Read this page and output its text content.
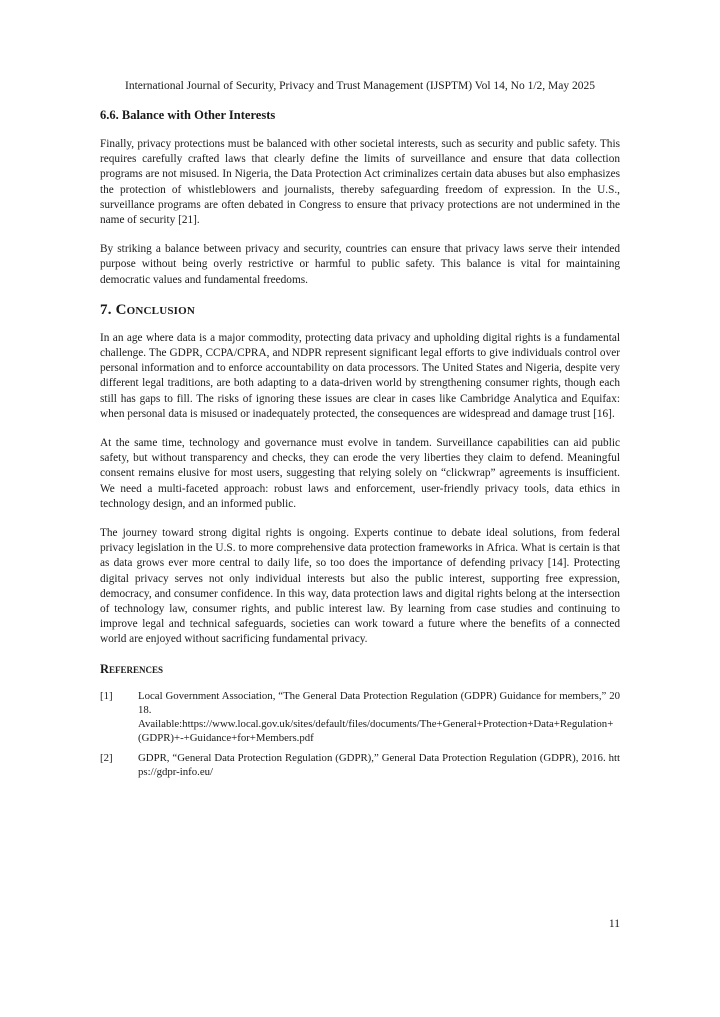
International Journal of Security, Privacy and Trust Management (IJSPTM) Vol 14, No 1/2, May 2025
6.6. Balance with Other Interests

Finally, privacy protections must be balanced with other societal interests, such as security and public safety. This requires carefully crafted laws that clearly define the limits of surveillance and ensure that data collection programs are not misused. In Nigeria, the Data Protection Act criminalizes certain data abuses but also emphasizes the protection of whistleblowers and journalists, thereby safeguarding freedom of expression. In the U.S., surveillance programs are often debated in Congress to ensure that privacy protections are not undermined in the name of security [21].

By striking a balance between privacy and security, countries can ensure that privacy laws serve their intended purpose without being overly restrictive or harmful to public safety. This balance is vital for maintaining democratic values and fundamental freedoms.

7. Conclusion

In an age where data is a major commodity, protecting data privacy and upholding digital rights is a fundamental challenge. The GDPR, CCPA/CPRA, and NDPR represent significant legal efforts to give individuals control over personal information and to enforce accountability on data processors. The United States and Nigeria, despite very different legal traditions, are both adapting to a data-driven world by strengthening consumer rights, though each still has gaps to fill. The risks of ignoring these issues are clear in cases like Cambridge Analytica and Equifax: when personal data is misused or inadequately protected, the consequences are widespread and damage trust [16].

At the same time, technology and governance must evolve in tandem. Surveillance capabilities can aid public safety, but without transparency and checks, they can erode the very liberties they claim to defend. Meaningful consent remains elusive for most users, suggesting that relying solely on “clickwrap” agreements is insufficient. We need a multi-faceted approach: robust laws and enforcement, user-friendly privacy tools, data ethics in technology design, and an informed public.

The journey toward strong digital rights is ongoing. Experts continue to debate ideal solutions, from federal privacy legislation in the U.S. to more comprehensive data protection frameworks in Africa. What is certain is that as data grows ever more central to daily life, so too does the importance of defending privacy [14]. Protecting digital privacy serves not only individual interests but also the public interest, supporting free expression, democracy, and consumer confidence. In this way, data protection laws and digital rights belong at the intersection of technology law, consumer rights, and public interest law. By learning from case studies and continuing to improve legal and technical safeguards, societies can work toward a future where the benefits of a connected world are enjoyed without sacrificing fundamental privacy.

References
[1]	Local Government Association, “The General Data Protection Regulation (GDPR) Guidance for members,” 2018.
Available:https://www.local.gov.uk/sites/default/files/documents/The+General+Protection+Data+Regulation+(GDPR)+-+Guidance+for+Members.pdf
[2]	GDPR, “General Data Protection Regulation (GDPR),” General Data Protection Regulation (GDPR), 2016. https://gdpr-info.eu/
11
